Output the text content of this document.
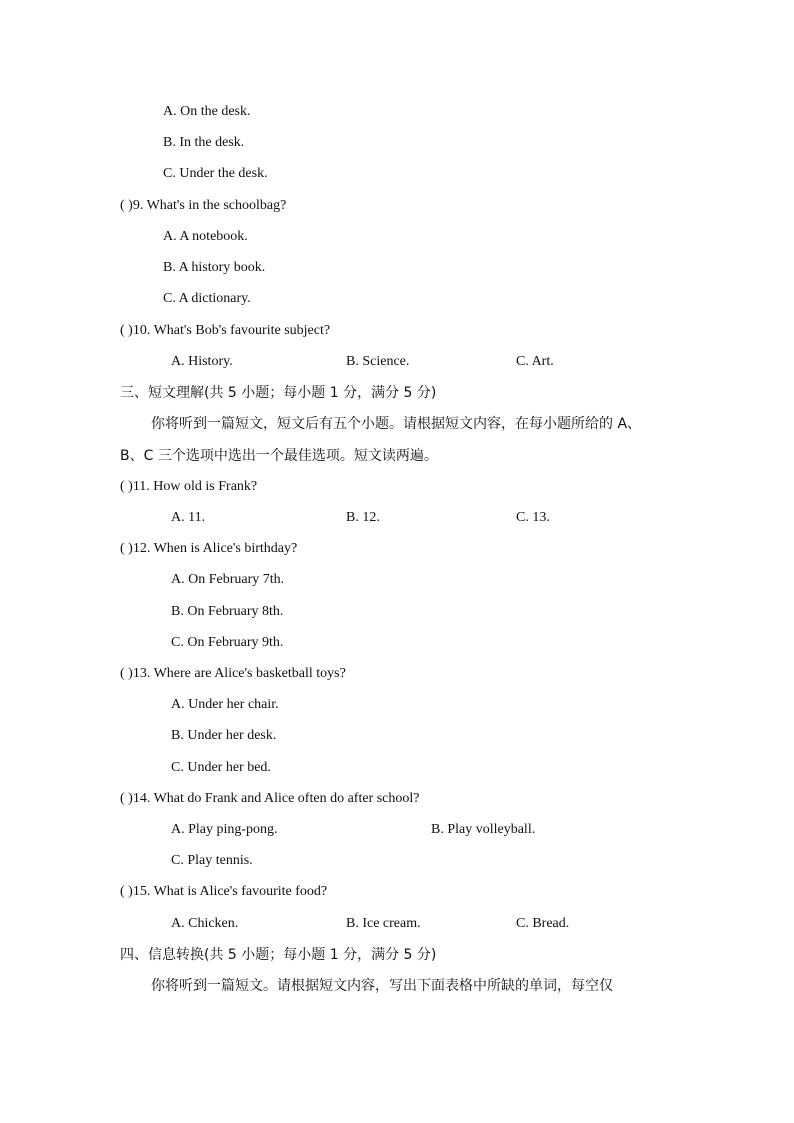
A. On the desk.
B. In the desk.
C. Under the desk.
( )9. What's in the schoolbag?
A. A notebook.
B. A history book.
C. A dictionary.
( )10. What's Bob's favourite subject?
A. History.	B. Science.	C. Art.
三、短文理解(共 5 小题；每小题 1 分，满分 5 分)
你将听到一篇短文，短文后有五个小题。请根据短文内容，在每小题所给的 A、
B、C 三个选项中选出一个最佳选项。短文读两遍。
( )11. How old is Frank?
A. 11.	B. 12.	C. 13.
( )12. When is Alice's birthday?
A. On February 7th.
B. On February 8th.
C. On February 9th.
( )13. Where are Alice's basketball toys?
A. Under her chair.
B. Under her desk.
C. Under her bed.
( )14. What do Frank and Alice often do after school?
A. Play ping-pong.	B. Play volleyball.
C. Play tennis.
( )15. What is Alice's favourite food?
A. Chicken.	B. Ice cream.	C. Bread.
四、信息转换(共 5 小题；每小题 1 分，满分 5 分)
你将听到一篇短文。请根据短文内容，写出下面表格中所缺的单词，每空仅
